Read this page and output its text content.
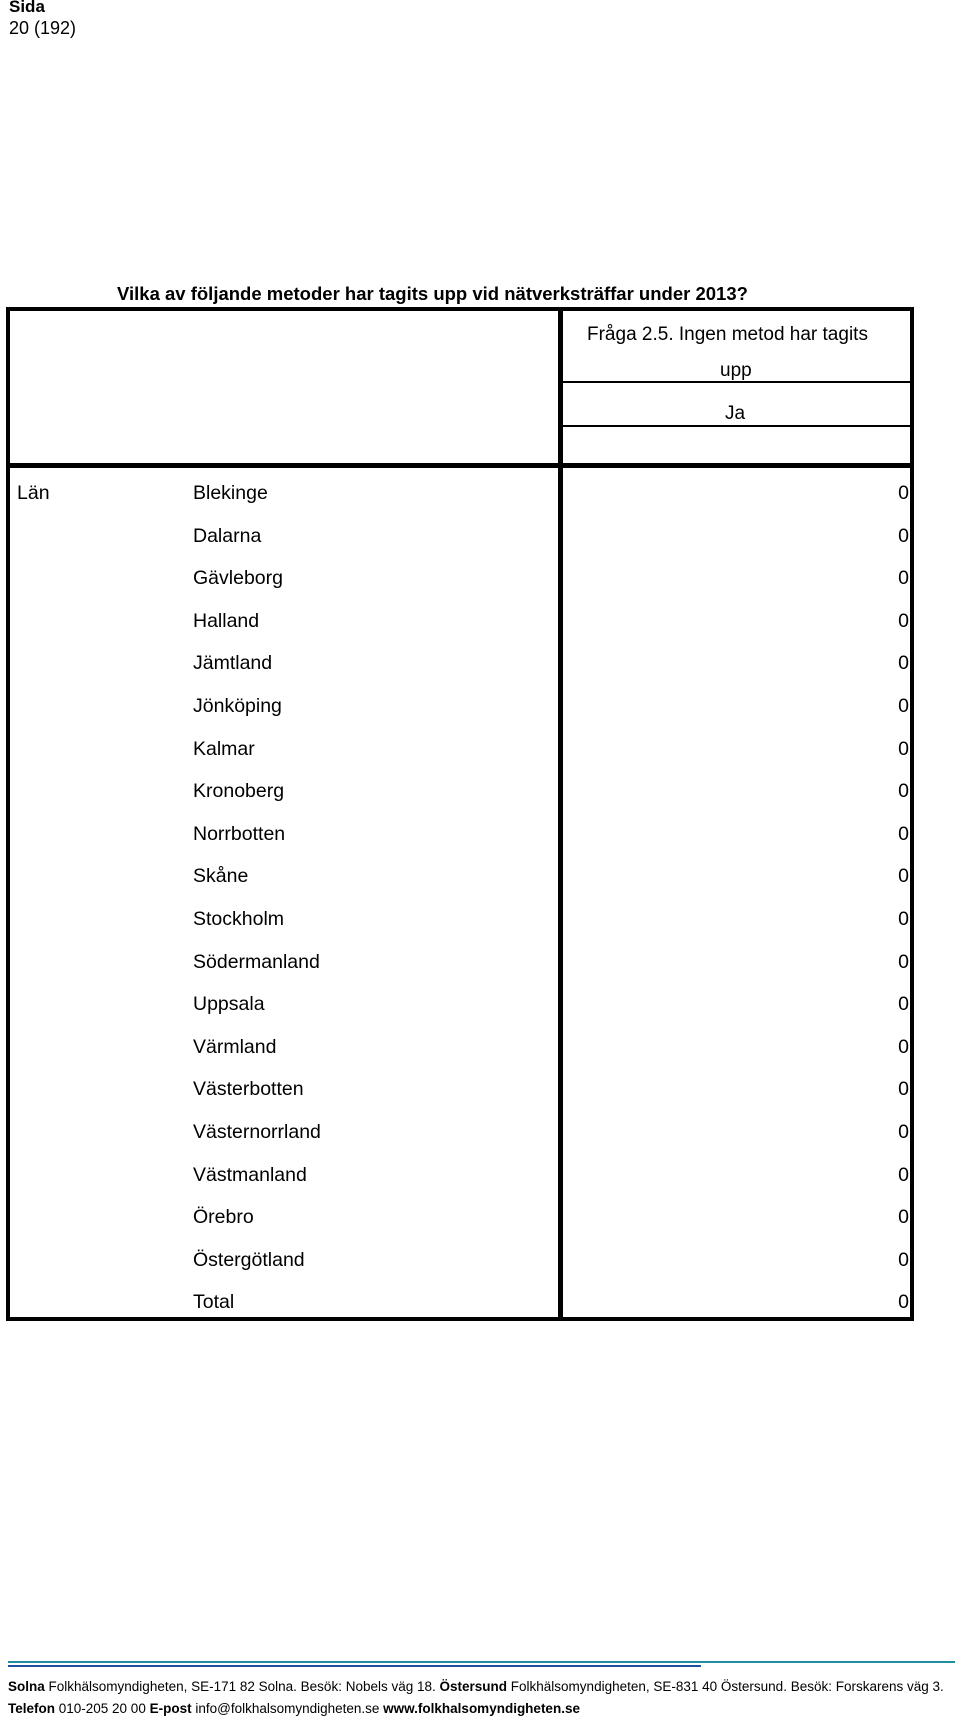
Sida
20 (192)
Vilka av följande metoder har tagits upp vid nätverksträffar under 2013?
Fråga 2.5. Ingen metod har tagits
upp
Ja
Län	Blekinge	0
Dalarna	0
Gävleborg	0
Halland	0
Jämtland	0
Jönköping	0
Kalmar	0
Kronoberg	0
Norrbotten	0
Skåne	0
Stockholm	0
Södermanland	0
Uppsala	0
Värmland	0
Västerbotten	0
Västernorrland	0
Västmanland	0
Örebro	0
Östergötland	0
Total	0
Solna Folkhälsomyndigheten, SE-171 82 Solna. Besök: Nobels väg 18. Östersund Folkhälsomyndigheten, SE-831 40 Östersund. Besök: Forskarens väg 3.
Telefon 010-205 20 00 E-post info@folkhalsomyndigheten.se www.folkhalsomyndigheten.se
